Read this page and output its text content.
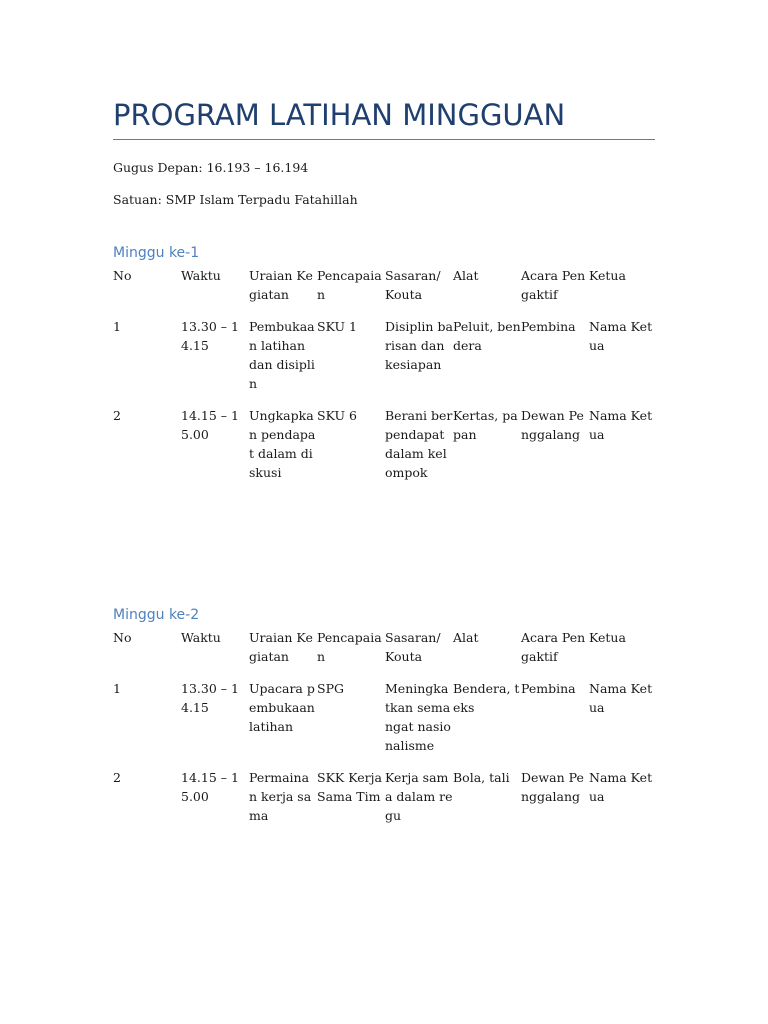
PROGRAM LATIHAN MINGGUAN

Gugus Depan: 16.193 – 16.194

Satuan: SMP Islam Terpadu Fatahillah

Minggu ke-1
No	Waktu	Uraian Kegiatan	Pencapaian	Sasaran/ Kouta	Alat	Acara Pengaktif	Ketua
1	13.30 – 14.15	Pembukaan latihan dan disiplin	SKU 1	Disiplin barisan dan kesiapan	Peluit, bendera	Pembina	Nama Ketua
2	14.15 – 15.00	Ungkapkan pendapat dalam diskusi	SKU 6	Berani berpendapat dalam kelompok	Kertas, papan	Dewan Penggalang	Nama Ketua
Minggu ke-2
No	Waktu	Uraian Kegiatan	Pencapaian	Sasaran/ Kouta	Alat	Acara Pengaktif	Ketua
1	13.30 – 14.15	Upacara pembukaan latihan	SPG	Meningkatkan semangat nasionalisme	Bendera, teks	Pembina	Nama Ketua
2	14.15 – 15.00	Permainan kerja sama	SKK Kerja Sama Tim	Kerja sama dalam regu	Bola, tali	Dewan Penggalang	Nama Ketua
